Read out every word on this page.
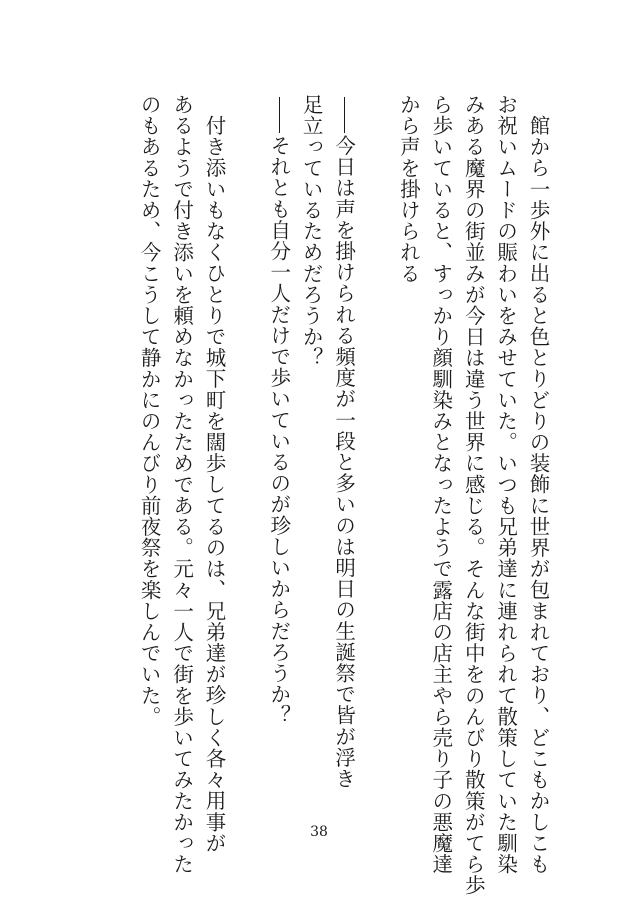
館から一歩外に出ると色とりどりの装飾に世界が包まれており、どこもかしこも
お祝いムードの賑わいをみせていた。いつも兄弟達に連れられて散策していた馴染
みある魔界の街並みが今日は違う世界に感じる。そんな街中をのんびり散策がてら歩
ら歩いていると、すっかり顔馴染みとなったようで露店の店主やら売り子の悪魔達
から声を掛けられる
今日は声を掛けられる頻度が一段と多いのは明日の生誕祭で皆が浮き
足立っているためだろうか？
それとも自分一人だけで歩いているのが珍しいからだろうか？
付き添いもなくひとりで城下町を闊歩してるのは、兄弟達が珍しく各々用事が
あるようで付き添いを頼めなかったためである。元々一人で街を歩いてみたかった
のもあるため、今こうして静かにのんびり前夜祭を楽しんでいた。
38
